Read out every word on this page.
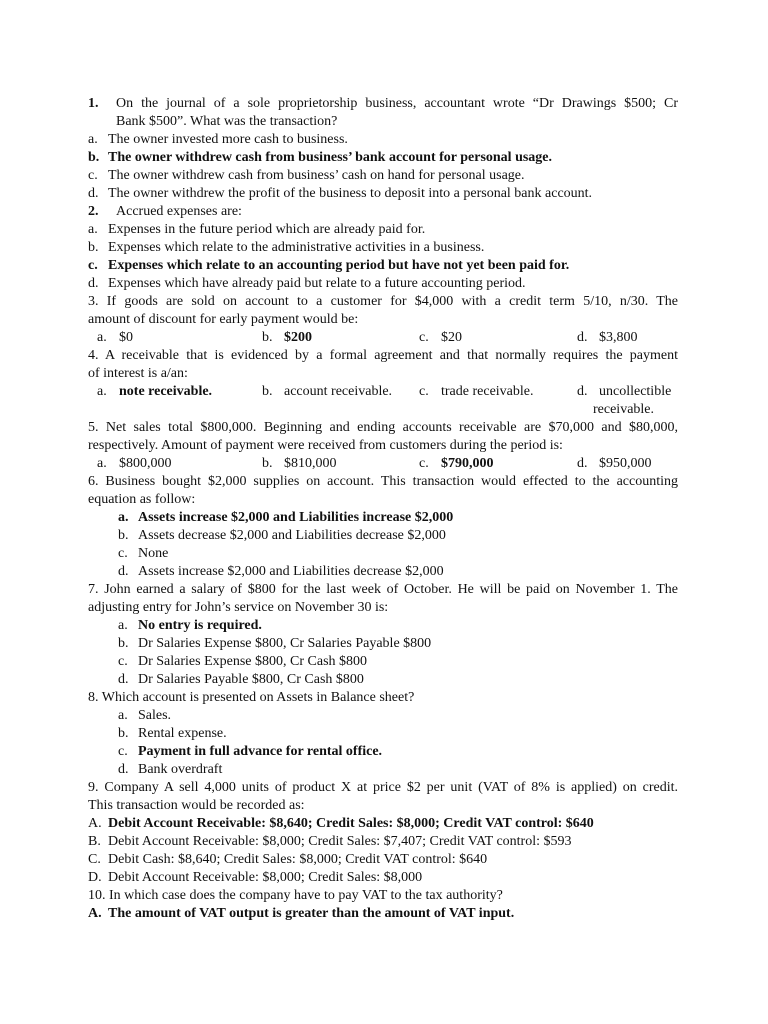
1.	On the journal of a sole proprietorship business, accountant wrote “Dr Drawings $500; Cr
Bank $500”. What was the transaction?
a. The owner invested more cash to business.
b. The owner withdrew cash from business’ bank account for personal usage.
c. The owner withdrew cash from business’ cash on hand for personal usage.
d. The owner withdrew the profit of the business to deposit into a personal bank account.
2.	Accrued expenses are:
a. Expenses in the future period which are already paid for.
b. Expenses which relate to the administrative activities in a business.
c. Expenses which relate to an accounting period but have not yet been paid for.
d. Expenses which have already paid but relate to a future accounting period.
3. If goods are sold on account to a customer for $4,000 with a credit term 5/10, n/30. The
amount of discount for early payment would be:
a. $0	b. $200	c. $20	d. $3,800
4. A receivable that is evidenced by a formal agreement and that normally requires the payment
of interest is a/an:
a. note receivable.	b. account receivable.	c. trade receivable.	d. uncollectible
receivable.
5. Net sales total $800,000. Beginning and ending accounts receivable are $70,000 and $80,000,
respectively. Amount of payment were received from customers during the period is:
a. $800,000	b. $810,000	c. $790,000	d. $950,000
6. Business bought $2,000 supplies on account. This transaction would effected to the accounting
equation as follow:
a. Assets increase $2,000 and Liabilities increase $2,000
b. Assets decrease $2,000 and Liabilities decrease $2,000
c. None
d. Assets increase $2,000 and Liabilities decrease $2,000
7. John earned a salary of $800 for the last week of October. He will be paid on November 1. The
adjusting entry for John’s service on November 30 is:
a. No entry is required.
b. Dr Salaries Expense $800, Cr Salaries Payable $800
c. Dr Salaries Expense $800, Cr Cash $800
d. Dr Salaries Payable $800, Cr Cash $800
8. Which account is presented on Assets in Balance sheet?
a. Sales.
b. Rental expense.
c. Payment in full advance for rental office.
d. Bank overdraft
9. Company A sell 4,000 units of product X at price $2 per unit (VAT of 8% is applied) on credit.
This transaction would be recorded as:
A. Debit Account Receivable: $8,640; Credit Sales: $8,000; Credit VAT control: $640
B. Debit Account Receivable: $8,000; Credit Sales: $7,407; Credit VAT control: $593
C. Debit Cash: $8,640; Credit Sales: $8,000; Credit VAT control: $640
D. Debit Account Receivable: $8,000; Credit Sales: $8,000
10. In which case does the company have to pay VAT to the tax authority?
A. The amount of VAT output is greater than the amount of VAT input.
